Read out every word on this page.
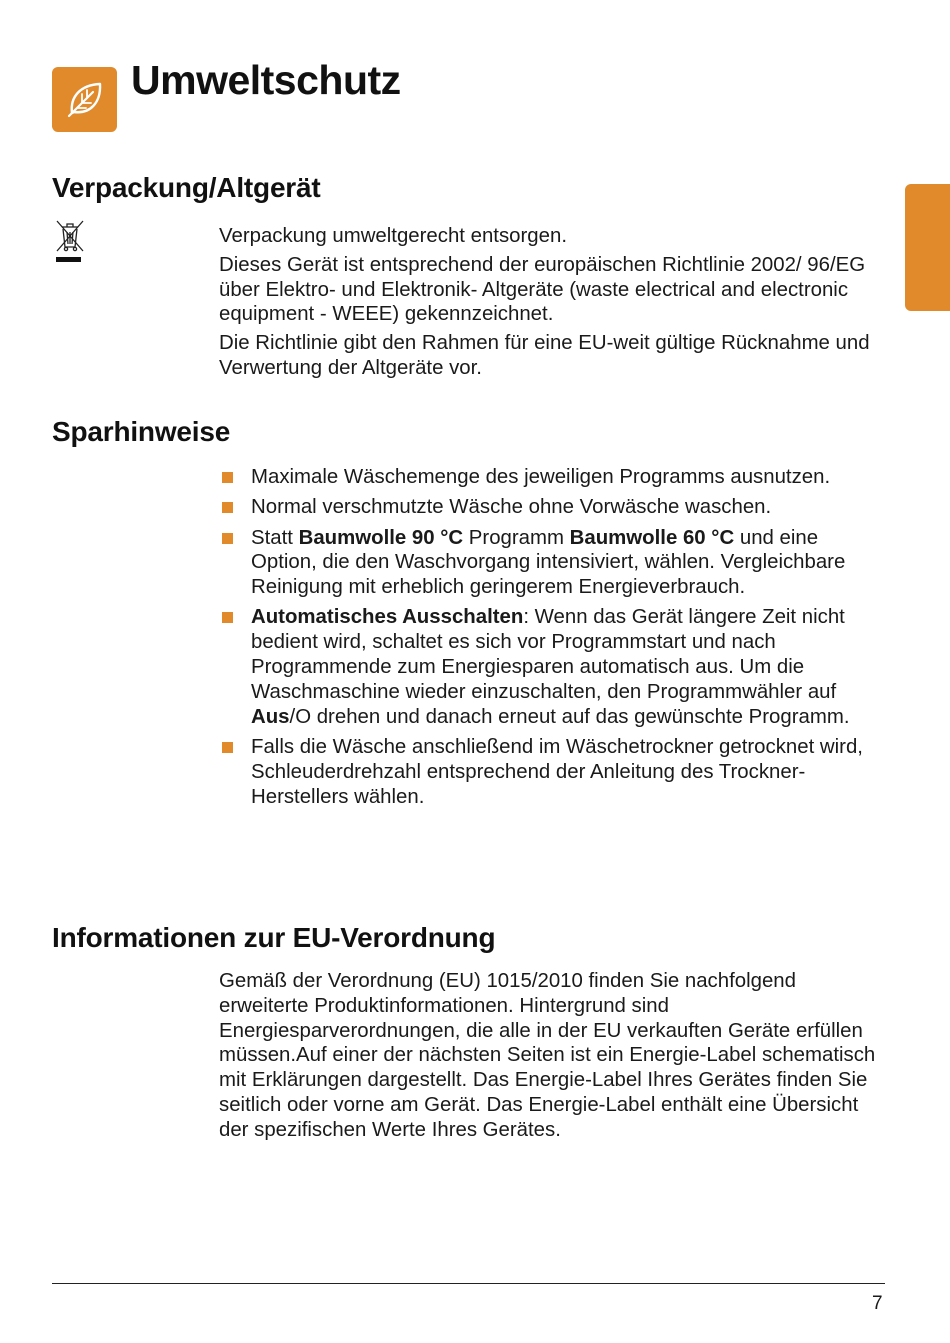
Umweltschutz
Verpackung/Altgerät

Verpackung umweltgerecht entsorgen.

Dieses Gerät ist entsprechend der europäischen Richtlinie 2002/ 96/EG über Elektro- und Elektronik- Altgeräte (waste electrical and electronic equipment - WEEE) gekennzeichnet.

Die Richtlinie gibt den Rahmen für eine EU-weit gültige Rücknahme und Verwertung der Altgeräte vor.

Sparhinweise
Maximale Wäschemenge des jeweiligen Programms ausnutzen.
Normal verschmutzte Wäsche ohne Vorwäsche waschen.
Statt Baumwolle 90 °C Programm Baumwolle 60 °C und eine Option, die den Waschvorgang intensiviert, wählen. Vergleichbare Reinigung mit erheblich geringerem Energieverbrauch.
Automatisches Ausschalten: Wenn das Gerät längere Zeit nicht bedient wird, schaltet es sich vor Programmstart und nach Programmende zum Energiesparen automatisch aus. Um die Waschmaschine wieder einzuschalten, den Programmwähler auf Aus/O drehen und danach erneut auf das gewünschte Programm.
Falls die Wäsche anschließend im Wäschetrockner getrocknet wird, Schleuderdrehzahl entsprechend der Anleitung des Trockner-Herstellers wählen.
Informationen zur EU-Verordnung

Gemäß der Verordnung (EU) 1015/2010 finden Sie nachfolgend erweiterte Produktinformationen. Hintergrund sind Energiesparverordnungen, die alle in der EU verkauften Geräte erfüllen müssen.Auf einer der nächsten Seiten ist ein Energie-Label schematisch mit Erklärungen dargestellt. Das Energie-Label Ihres Gerätes finden Sie seitlich oder vorne am Gerät. Das Energie-Label enthält eine Übersicht der spezifischen Werte Ihres Gerätes.

7
